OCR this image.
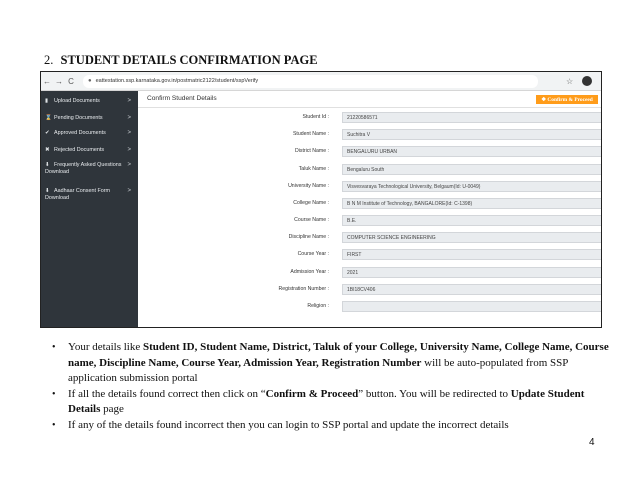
2. STUDENT DETAILS CONFIRMATION PAGE
← → C	● eattestation.ssp.karnataka.gov.in/postmatric2122/student/sspVerify	☆
▮	Upload Documents	>
⌛ Pending Documents	>
✔ Approved Documents	>
✖ Rejected Documents	>
⬇ Frequently Asked Questions
Download
>
⬇ Aadhaar Consent Form
Download
>
Confirm Student Details	❖ Confirm & Proceed
Student Id :	21220586571
Student Name :	Suchitra V
District Name :	BENGALURU URBAN
Taluk Name :	Bengaluru South
University Name :	Visvesvaraya Technological University, Belgaum(Id: U-0049)
College Name :	B N M Institute of Technology, BANGALORE(Id: C-1398)
Course Name :	B.E.
Discipline Name :	COMPUTER SCIENCE ENGINEERING
Course Year :	FIRST
Admission Year :	2021
Registration Number :	1BI18CV406
Religion :
• Your details like Student ID, Student Name, District, Taluk of your College, University Name, College Name, Course name, Discipline Name, Course Year, Admission Year, Registration Number will be auto-populated from SSP application submission portal
• If all the details found correct then click on “Confirm & Proceed” button. You will be redirected to Update Student Details page
• If any of the details found incorrect then you can login to SSP portal and update the incorrect details
4
